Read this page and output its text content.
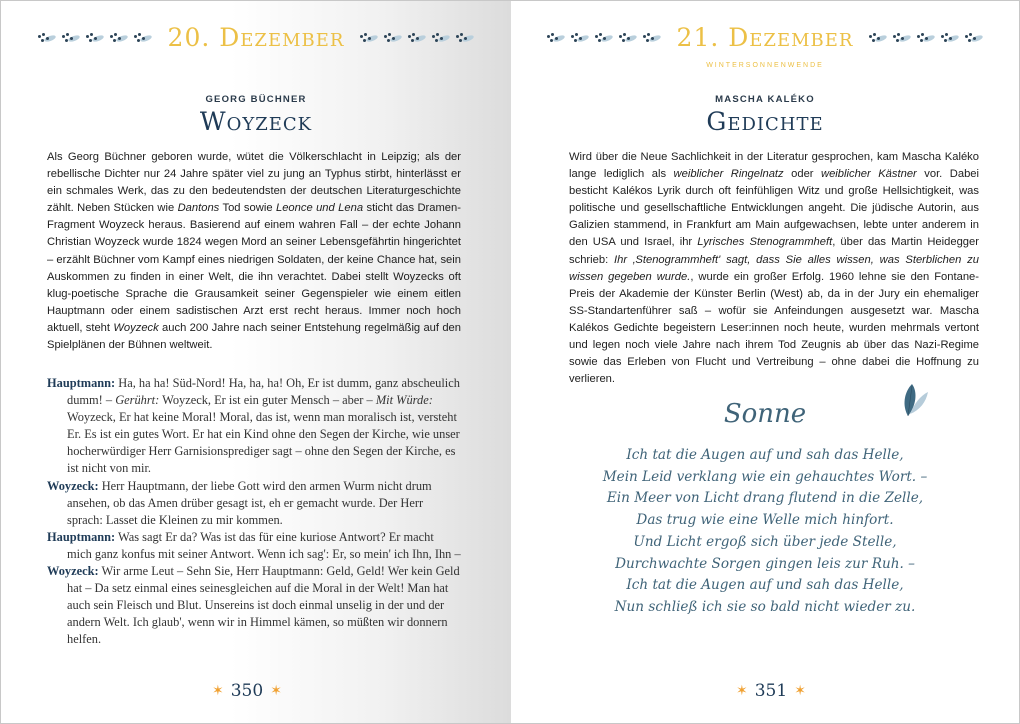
20. Dezember
GEORG BÜCHNER
Woyzeck
Als Georg Büchner geboren wurde, wütet die Völkerschlacht in Leipzig; als der rebellische Dichter nur 24 Jahre später viel zu jung an Typhus stirbt, hinterlässt er ein schmales Werk, das zu den bedeutendsten der deutschen Literaturgeschichte zählt. Neben Stücken wie Dantons Tod sowie Leonce und Lena sticht das Dramen-Fragment Woyzeck heraus. Basierend auf einem wahren Fall – der echte Johann Christian Woyzeck wurde 1824 wegen Mord an seiner Lebensgefährtin hingerichtet – erzählt Büchner vom Kampf eines niedrigen Soldaten, der keine Chance hat, sein Auskommen zu finden in einer Welt, die ihn verachtet. Dabei stellt Woyzecks oft klug-poetische Sprache die Grausamkeit seiner Gegenspieler wie einem eitlen Hauptmann oder einem sadistischen Arzt erst recht heraus. Immer noch hoch aktuell, steht Woyzeck auch 200 Jahre nach seiner Entstehung regelmäßig auf den Spielplänen der Bühnen weltweit.
Hauptmann: Ha, ha ha! Süd-Nord! Ha, ha, ha! Oh, Er ist dumm, ganz abscheulich dumm! – Gerührt: Woyzeck, Er ist ein guter Mensch – aber – Mit Würde: Woyzeck, Er hat keine Moral! Moral, das ist, wenn man moralisch ist, versteht Er. Es ist ein gutes Wort. Er hat ein Kind ohne den Segen der Kirche, wie unser hocherwürdiger Herr Garnisionsprediger sagt – ohne den Segen der Kirche, es ist nicht von mir.
Woyzeck: Herr Hauptmann, der liebe Gott wird den armen Wurm nicht drum ansehen, ob das Amen drüber gesagt ist, eh er gemacht wurde. Der Herr sprach: Lasset die Kleinen zu mir kommen.
Hauptmann: Was sagt Er da? Was ist das für eine kuriose Antwort? Er macht mich ganz konfus mit seiner Antwort. Wenn ich sag': Er, so mein' ich Ihn, Ihn –
Woyzeck: Wir arme Leut – Sehn Sie, Herr Hauptmann: Geld, Geld! Wer kein Geld hat – Da setz einmal eines seinesgleichen auf die Moral in der Welt! Man hat auch sein Fleisch und Blut. Unsereins ist doch einmal unselig in der und der andern Welt. Ich glaub', wenn wir in Himmel kämen, so müßten wir donnern helfen.
✶ 350 ✶
21. Dezember
WINTERSONNENWENDE
MASCHA KALÉKO
Gedichte
Wird über die Neue Sachlichkeit in der Literatur gesprochen, kam Mascha Kaléko lange lediglich als weiblicher Ringelnatz oder weiblicher Kästner vor. Dabei besticht Kalékos Lyrik durch oft feinfühligen Witz und große Hellsichtigkeit, was politische und gesellschaftliche Entwicklungen angeht. Die jüdische Autorin, aus Galizien stammend, in Frankfurt am Main aufgewachsen, lebte unter anderem in den USA und Israel, ihr Lyrisches Stenogrammheft, über das Martin Heidegger schrieb: Ihr ‚Stenogrammheft' sagt, dass Sie alles wissen, was Sterblichen zu wissen gegeben wurde., wurde ein großer Erfolg. 1960 lehne sie den Fontane-Preis der Akademie der Künster Berlin (West) ab, da in der Jury ein ehemaliger SS-Standartenführer saß – wofür sie Anfeindungen ausgesetzt war. Mascha Kalékos Gedichte begeistern Leser:innen noch heute, wurden mehrmals vertont und legen noch viele Jahre nach ihrem Tod Zeugnis ab über das Nazi-Regime sowie das Erleben von Flucht und Vertreibung – ohne dabei die Hoffnung zu verlieren.
Sonne
Ich tat die Augen auf und sah das Helle,
Mein Leid verklang wie ein gehauchtes Wort. –
Ein Meer von Licht drang flutend in die Zelle,
Das trug wie eine Welle mich hinfort.
Und Licht ergoß sich über jede Stelle,
Durchwachte Sorgen gingen leis zur Ruh. –
Ich tat die Augen auf und sah das Helle,
Nun schließ ich sie so bald nicht wieder zu.
✶ 351 ✶
